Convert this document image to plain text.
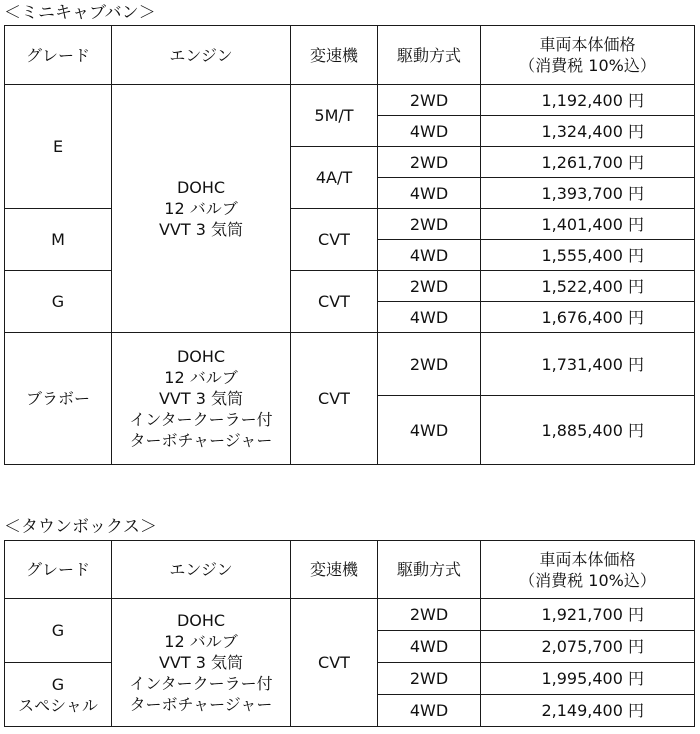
＜ミニキャブバン＞
グレード	エンジン	変速機	駆動方式	車両本体価格
（消費税 10%込）

E	DOHC
12 バルブ
VVT 3 気筒	5M/T	2WD	1,192,400 円
			4WD	1,324,400 円
		4A/T	2WD	1,261,700 円
			4WD	1,393,700 円
M		CVT	2WD	1,401,400 円
			4WD	1,555,400 円
G		CVT	2WD	1,522,400 円
			4WD	1,676,400 円
ブラボー	DOHC
12 バルブ
VVT 3 気筒
インタークーラー付
ターボチャージャー	CVT	2WD	1,731,400 円
			4WD	1,885,400 円
＜タウンボックス＞
グレード	エンジン	変速機	駆動方式	車両本体価格
（消費税 10%込）

G	DOHC
12 バルブ
VVT 3 気筒
インタークーラー付
ターボチャージャー	CVT	2WD	1,921,700 円
			4WD	2,075,700 円

G
スペシャル			2WD	1,995,400 円
			4WD	2,149,400 円
